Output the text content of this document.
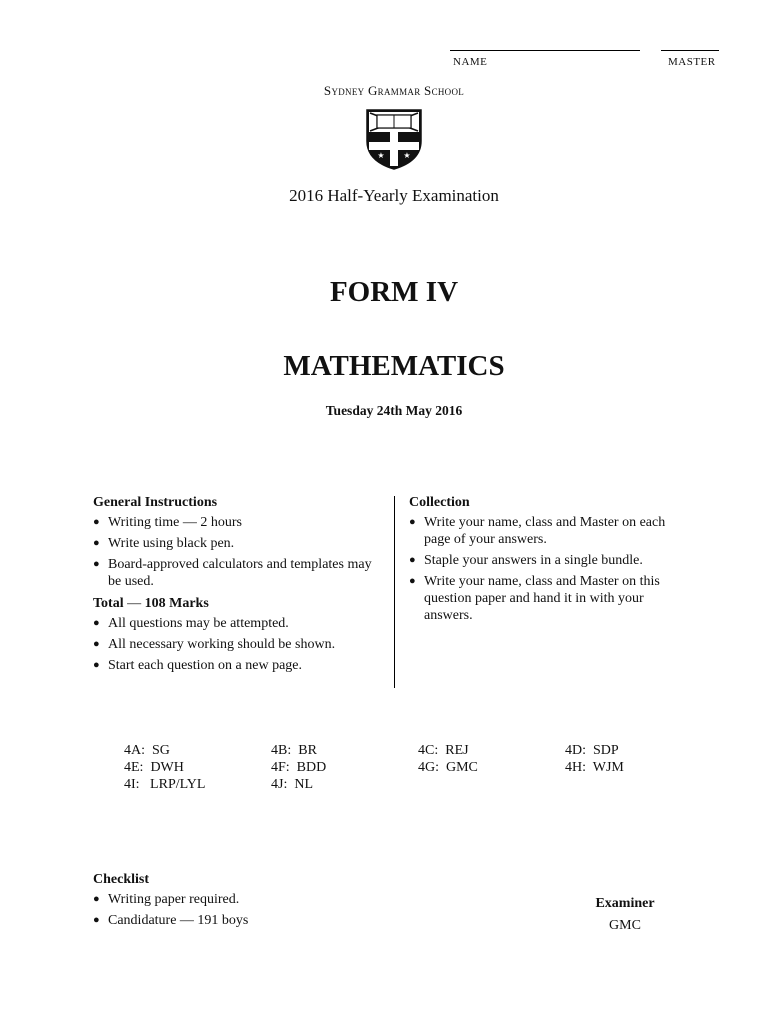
NAME	MASTER
Sydney Grammar School
★
★ ★
★
2016 Half-Yearly Examination
FORM IV
MATHEMATICS
Tuesday 24th May 2016
General Instructions
● Writing time — 2 hours
● Write using black pen.
● Board-approved calculators and templates may be used.
Total — 108 Marks
● All questions may be attempted.
● All necessary working should be shown.
● Start each question on a new page.
Collection
● Write your name, class and Master on each page of your answers.
● Staple your answers in a single bundle.
● Write your name, class and Master on this question paper and hand it in with your answers.
4A:  SG	4B:  BR	4C:  REJ	4D:  SDP
4E:  DWH	4F:  BDD	4G:  GMC	4H:  WJM
4I:   LRP/LYL	4J:  NL
Checklist
● Writing paper required.
● Candidature — 191 boys
Examiner
GMC
